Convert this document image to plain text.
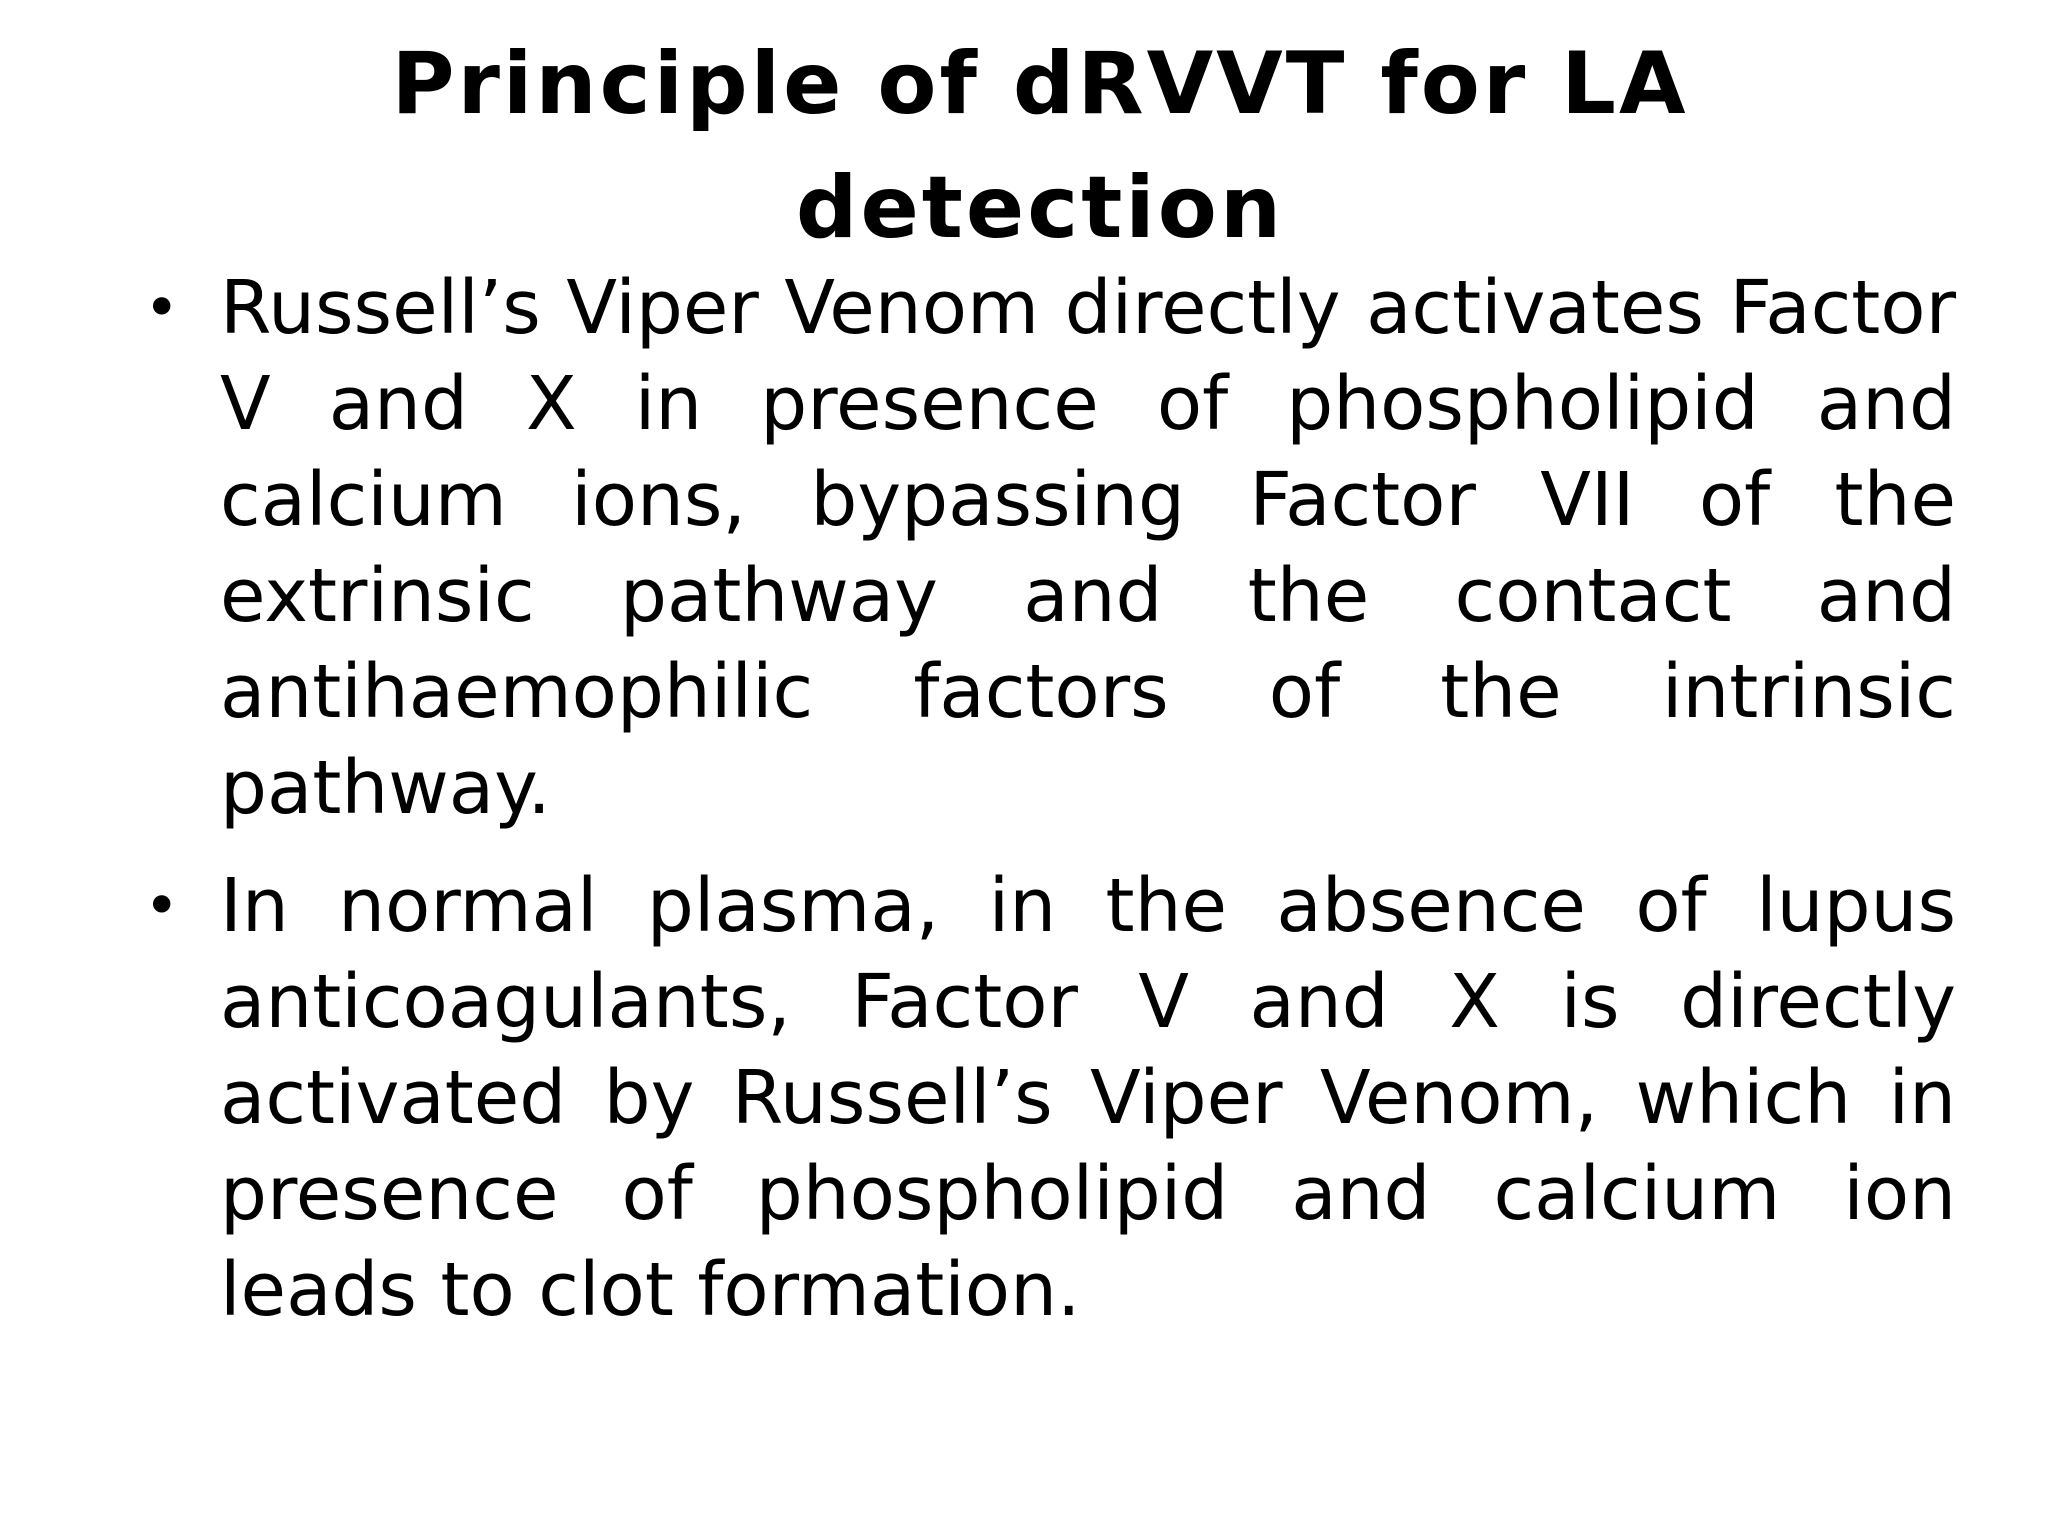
Principle of dRVVT for LA detection
• Russell’s Viper Venom directly activates Factor V and X in presence of phospholipid and calcium ions, bypassing Factor VII of the extrinsic pathway and the contact and antihaemophilic factors of the intrinsic pathway.
• In normal plasma, in the absence of lupus anticoagulants, Factor V and X is directly activated by Russell’s Viper Venom, which in presence of phospholipid and calcium ion leads to clot formation.
